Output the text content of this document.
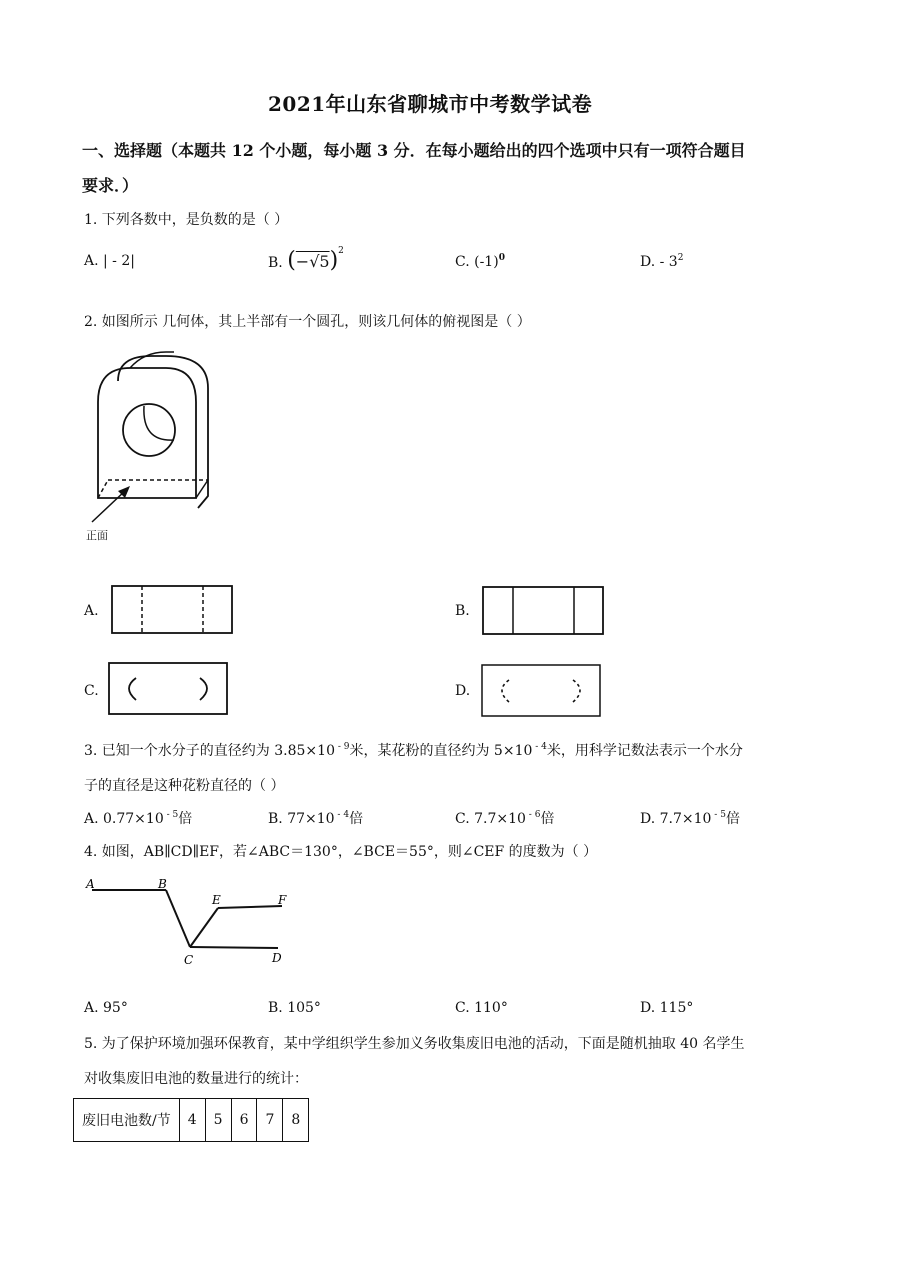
2021年山东省聊城市中考数学试卷
一、选择题（本题共 12 个小题，每小题 3 分．在每小题给出的四个选项中只有一项符合题目
要求．）
1. 下列各数中，是负数的是（ ）
A. | - 2|	B. $(-√5)^2$
C. $(-1)^0$	D. - $3^2$
2. 如图所示 几何体，其上半部有一个圆孔，则该几何体的俯视图是（ ）
正面
A.	B.
C.	D.
3. 已知一个水分子的直径约为 3.85×10 $^{- 9}$米，某花粉的直径约为 5×10 $^{- 4}$米，用科学记数法表示一个水分
子的直径是这种花粉直径的（ ）
A. 0.77×10 $^{- 5}$倍	B. 77×10 $^{- 4}$倍	C. 7.7×10 $^{- 6}$倍	D. 7.7×10 $^{- 5}$倍
4. 如图，AB∥CD∥EF，若∠ABC＝130°，∠BCE＝55°，则∠CEF 的度数为（ ）
A	B
C	D
E	F
A. 95°	B. 105°	C. 110°	D. 115°
5. 为了保护环境加强环保教育，某中学组织学生参加义务收集废旧电池的活动，下面是随机抽取 40 名学生
对收集废旧电池的数量进行的统计：
废旧电池数/节	4	5	6	7	8
